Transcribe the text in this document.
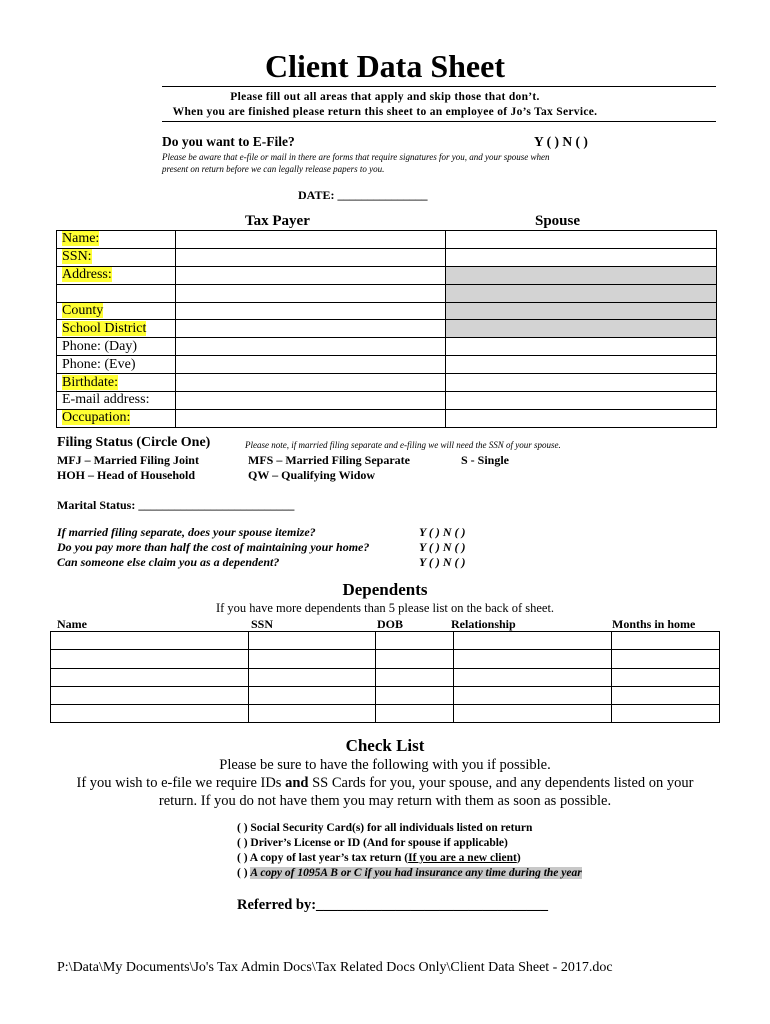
Client Data Sheet
Please fill out all areas that apply and skip those that don’t.
When you are finished please return this sheet to an employee of Jo’s Tax Service.
Do you want to E-File?	Y ( ) N ( )
Please be aware that e-file or mail in there are forms that require signatures for you, and your spouse when
present on return before we can legally release papers to you.
DATE: _______________
Tax Payer	Spouse
Name:		
SSN:		
Address:		

County		
School District		
Phone: (Day)		
Phone: (Eve)		
Birthdate:		
E-mail address:		
Occupation:		
Filing Status (Circle One)	Please note, if married filing separate and e-filing we will need the SSN of your spouse.
MFJ – Married Filing Joint
HOH – Head of Household
MFS – Married Filing Separate
QW – Qualifying Widow
S - Single
Marital Status: __________________________
If married filing separate, does your spouse itemize?	Y ( ) N ( )
Do you pay more than half the cost of maintaining your home?	Y ( ) N ( )
Can someone else claim you as a dependent?	Y ( ) N ( )
Dependents
If you have more dependents than 5 please list on the back of sheet.
Name	SSN	DOB	Relationship	Months in home

Check List
Please be sure to have the following with you if possible.
If you wish to e-file we require IDs and SS Cards for you, your spouse, and any dependents listed on your
return. If you do not have them you may return with them as soon as possible.
( ) Social Security Card(s) for all individuals listed on return
( ) Driver’s License or ID (And for spouse if applicable)
( ) A copy of last year’s tax return (If you are a new client)
( ) A copy of 1095A B or C if you had insurance any time during the year
Referred by:________________________________
P:\Data\My Documents\Jo's Tax Admin Docs\Tax Related Docs Only\Client Data Sheet - 2017.doc
